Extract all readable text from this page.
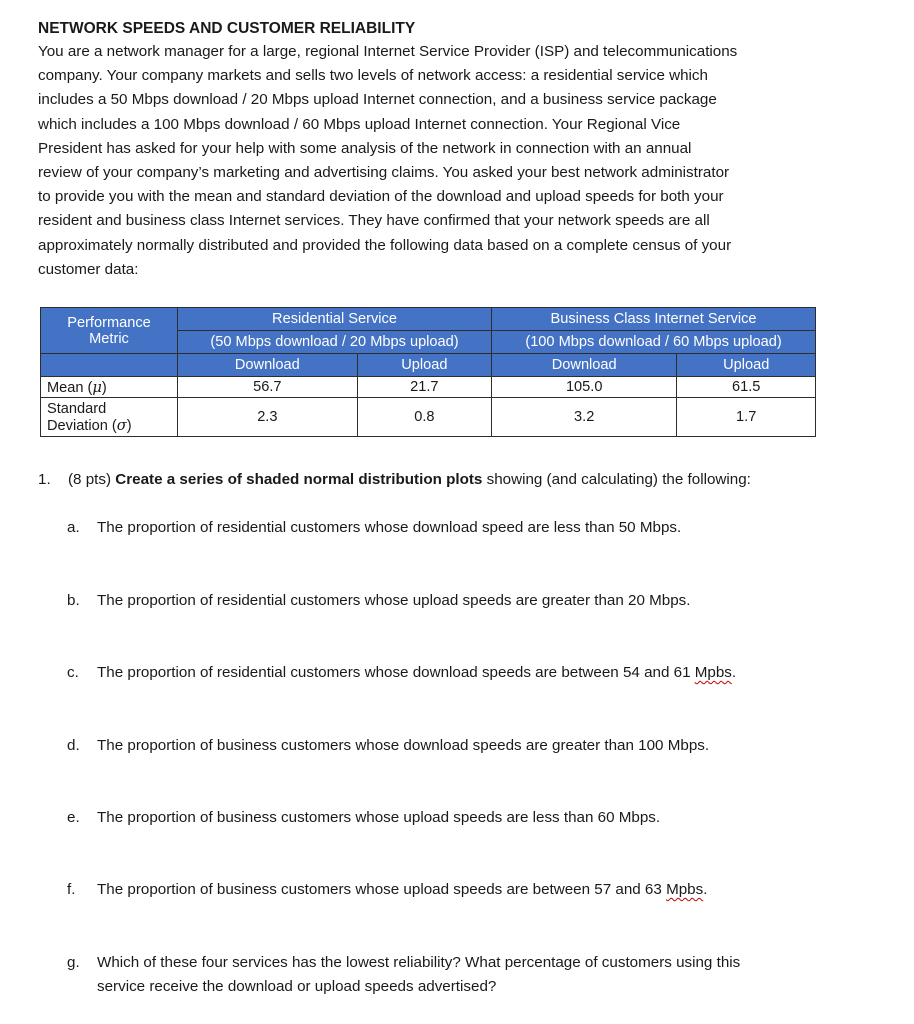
NETWORK SPEEDS AND CUSTOMER RELIABILITY

You are a network manager for a large, regional Internet Service Provider (ISP) and telecommunications
company. Your company markets and sells two levels of network access: a residential service which
includes a 50 Mbps download / 20 Mbps upload Internet connection, and a business service package
which includes a 100 Mbps download / 60 Mbps upload Internet connection. Your Regional Vice
President has asked for your help with some analysis of the network in connection with an annual
review of your company’s marketing and advertising claims. You asked your best network administrator
to provide you with the mean and standard deviation of the download and upload speeds for both your
resident and business class Internet services. They have confirmed that your network speeds are all
approximately normally distributed and provided the following data based on a complete census of your
customer data:

Performance
Metric	Residential Service		Business Class Internet Service	
	(50 Mbps download / 20 Mbps upload)		(100 Mbps download / 60 Mbps upload)	
	Download	Upload	Download	Upload
Mean (μ)	56.7	21.7	105.0	61.5
Standard
Deviation (σ)	2.3	0.8	3.2	1.7
1. (8 pts) Create a series of shaded normal distribution plots showing (and calculating) the following:
a. The proportion of residential customers whose download speed are less than 50 Mbps.
b. The proportion of residential customers whose upload speeds are greater than 20 Mbps.
c. The proportion of residential customers whose download speeds are between 54 and 61 Mpbs.
d. The proportion of business customers whose download speeds are greater than 100 Mbps.
e. The proportion of business customers whose upload speeds are less than 60 Mbps.
f. The proportion of business customers whose upload speeds are between 57 and 63 Mpbs.
g. Which of these four services has the lowest reliability? What percentage of customers using this
service receive the download or upload speeds advertised?
